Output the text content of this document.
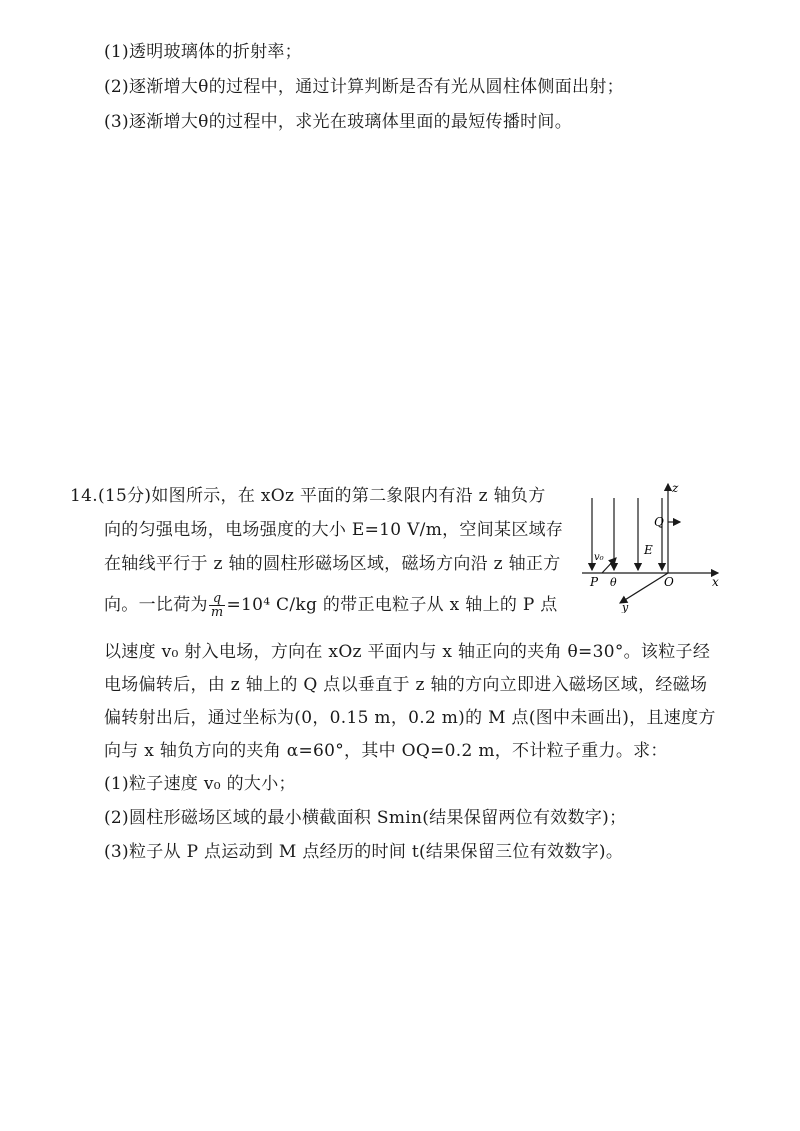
(1)透明玻璃体的折射率；
(2)逐渐增大θ的过程中，通过计算判断是否有光从圆柱体侧面出射；
(3)逐渐增大θ的过程中，求光在玻璃体里面的最短传播时间。
14.(15分)如图所示，在 xOz 平面的第二象限内有沿 z 轴负方
向的匀强电场，电场强度的大小 E=10 V/m，空间某区域存
在轴线平行于 z 轴的圆柱形磁场区域，磁场方向沿 z 轴正方
向。一比荷为 $\frac{q}{m} =10^4$ C/kg 的带正电粒子从 x 轴上的 P 点
以速度 v₀ 射入电场，方向在 xOz 平面内与 x 轴正向的夹角 θ=30°。该粒子经
电场偏转后，由 z 轴上的 Q 点以垂直于 z 轴的方向立即进入磁场区域，经磁场
偏转射出后，通过坐标为(0，0.15 m，0.2 m)的 M 点(图中未画出)，且速度方
向与 x 轴负方向的夹角 α=60°，其中 OQ=0.2 m，不计粒子重力。求：
(1)粒子速度 v₀ 的大小；
(2)圆柱形磁场区域的最小横截面积 Smin(结果保留两位有效数字)；
(3)粒子从 P 点运动到 M 点经历的时间 t(结果保留三位有效数字)。
z
Q
E
v₀
P θ	O	x
y
